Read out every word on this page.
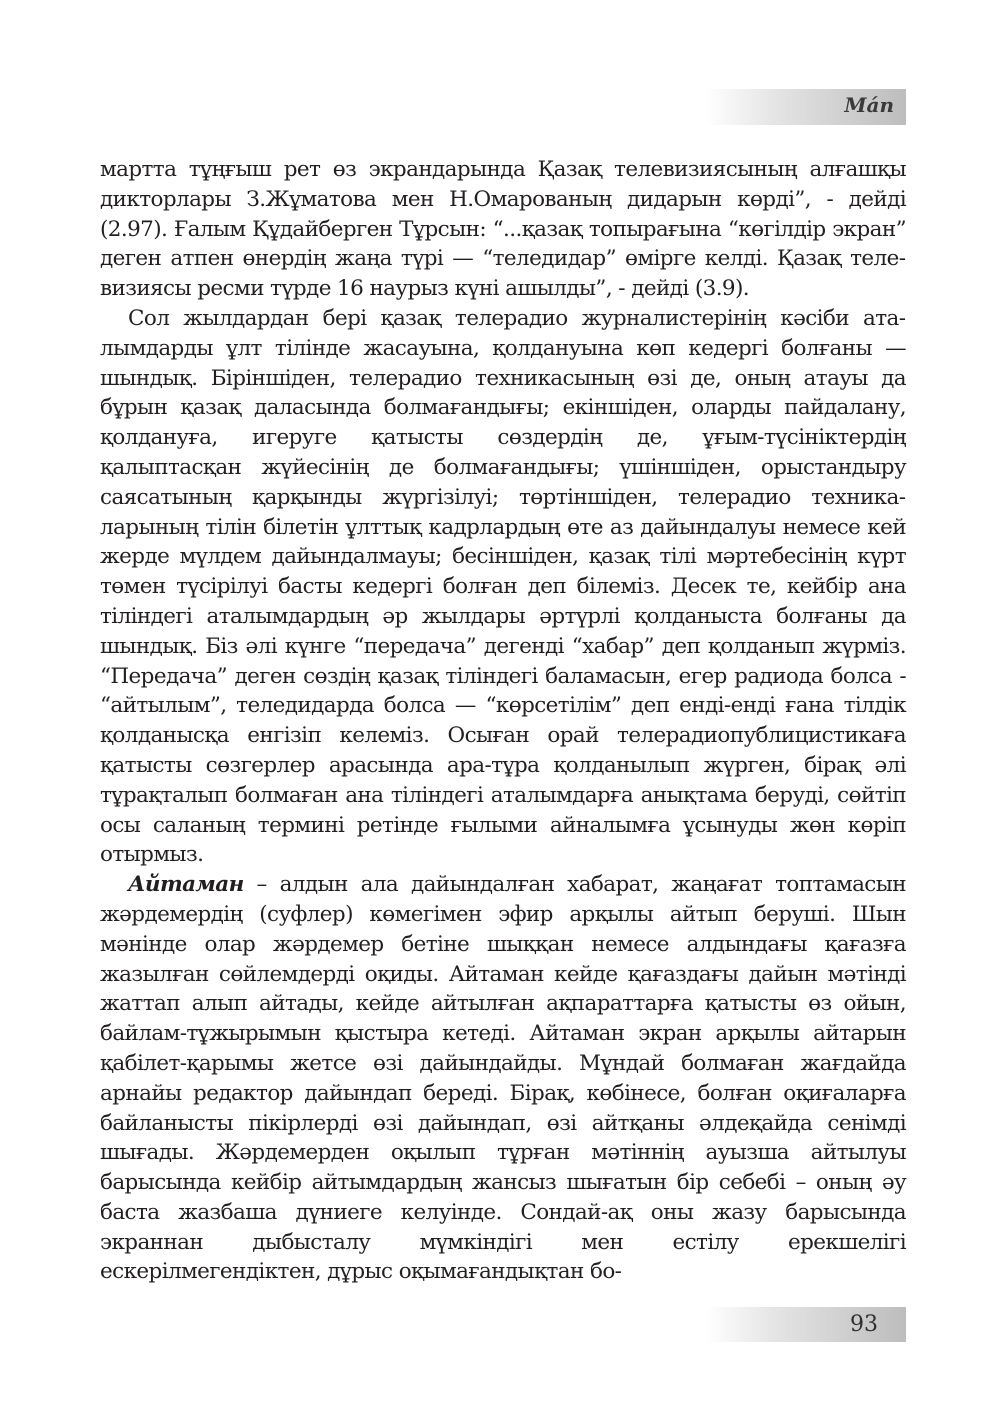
Мáп

мартта тұңғыш рет өз экрандарында Қазақ телевизиясының алғашқы дикторлары З.Жұматова мен Н.Омарованың дидарын көрді”, - дейді (2.97). Ғалым Құдайберген Тұрсын: “...қазақ топырағына “көгілдір экран” деген атпен өнердің жаңа түрі — “теледидар” өмірге келді. Қазақ телевизиясы ресми түрде 16 наурыз күні ашылды”, - дейді (3.9).

Сол жылдардан бері қазақ телерадио журналистерінің кәсіби аталымдарды ұлт тілінде жасауына, қолдануына көп кедергі болғаны — шындық. Біріншіден, телерадио техникасының өзі де, оның атауы да бұрын қазақ даласында болмағандығы; екіншіден, оларды пайдалану, қолдануға, игеруге қатысты сөздердің де, ұғым-түсініктердің қалыптасқан жүйесінің де болмағандығы; үшіншіден, орыстандыру саясатының қарқынды жүргізілуі; төртіншіден, телерадио техникаларының тілін білетін ұлттық кадрлардың өте аз дайындалуы немесе кей жерде мүлдем дайындалмауы; бесіншіден, қазақ тілі мәртебесінің күрт төмен түсірілуі басты кедергі болған деп білеміз. Десек те, кейбір ана тіліндегі аталымдардың әр жылдары әртүрлі қолданыста болғаны да шындық. Біз әлі күнге “передача” дегенді “хабар” деп қолданып жүрміз. “Передача” деген сөздің қазақ тіліндегі баламасын, егер радиода болса - “айтылым”, теледидарда болса — “көрсетілім” деп енді-енді ғана тілдік қолданысқа енгізіп келеміз. Осыған орай телерадиопублицистикаға қатысты сөзгерлер арасында ара-тұра қолданылып жүрген, бірақ әлі тұрақталып болмаған ана тіліндегі аталымдарға анықтама беруді, сөйтіп осы саланың термині ретінде ғылыми айналымға ұсынуды жөн көріп отырмыз.

Айтаман – алдын ала дайындалған хабарат, жаңағат топтамасын жәрдемердің (суфлер) көмегімен эфир арқылы айтып беруші. Шын мәнінде олар жәрдемер бетіне шыққан немесе алдындағы қағазға жазылған сөйлемдерді оқиды. Айтаман кейде қағаздағы дайын мәтінді жаттап алып айтады, кейде айтылған ақпараттарға қатысты өз ойын, байлам-тұжырымын қыстыра кетеді. Айтаман экран арқылы айтарын қабілет-қарымы жетсе өзі дайындайды. Мұндай болмаған жағдайда арнайы редактор дайындап береді. Бірақ, көбінесе, болған оқиғаларға байланысты пікірлерді өзі дайындап, өзі айтқаны әлдеқайда сенімді шығады. Жәрдемерден оқылып тұрған мәтіннің ауызша айтылуы барысында кейбір айтымдардың жансыз шығатын бір себебі – оның әу баста жазбаша дүниеге келуінде. Сондай-ақ оны жазу барысында экраннан дыбысталу мүмкіндігі мен естілу ерекшелігі ескерілмегендіктен, дұрыс оқымағандықтан бо-

93
